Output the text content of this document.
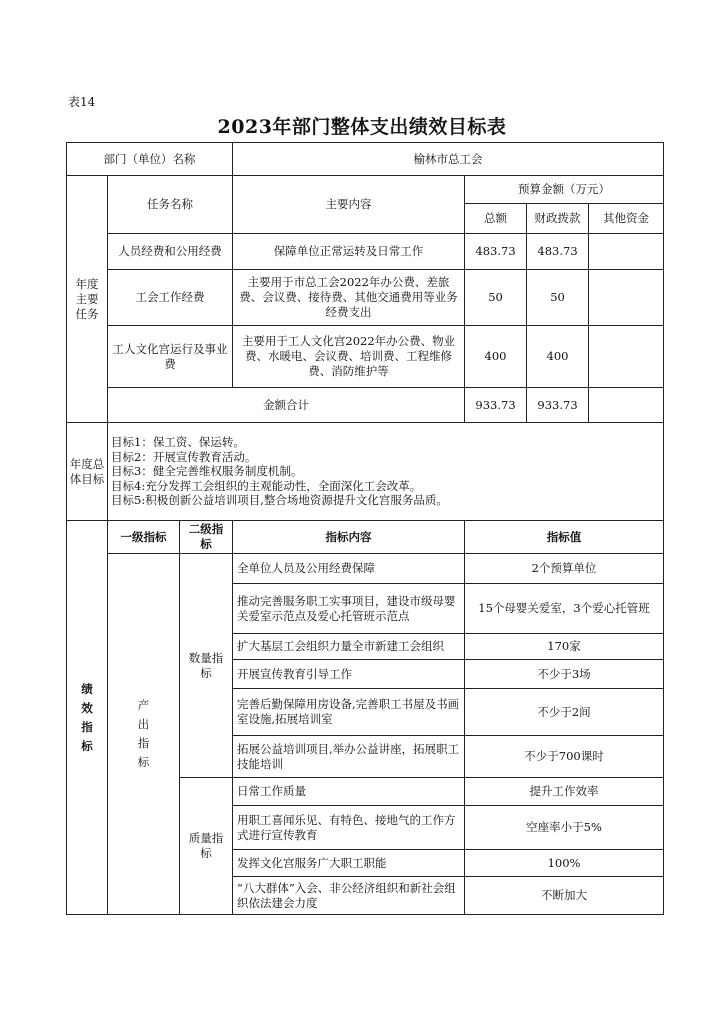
表14
2023年部门整体支出绩效目标表
部门（单位）名称			榆林市总工会			
年度主要任务	任务名称		主要内容	预算金额（万元）		
				总额	财政拨款	其他资金
	人员经费和公用经费		保障单位正常运转及日常工作	483.73	483.73	
	工会工作经费		主要用于市总工会2022年办公费、差旅费、会议费、接待费、其他交通费用等业务经费支出	50	50	
	工人文化宫运行及事业费		主要用于工人文化宫2022年办公费、物业费、水暖电、会议费、培训费、工程维修费、消防维护等	400	400	
	金额合计			933.73	933.73	
年度总体目标	目标1：保工资、保运转。
目标2：开展宣传教育活动。
目标3：健全完善维权服务制度机制。
目标4:充分发挥工会组织的主观能动性，全面深化工会改革。
目标5:积极创新公益培训项目,整合场地资源提升文化宫服务品质。					

绩效指标	一级指标	二级指标	指标内容	指标值		
	产出指标	数量指标	全单位人员及公用经费保障	2个预算单位		
			推动完善服务职工实事项目，建设市级母婴关爱室示范点及爱心托管班示范点	15个母婴关爱室，3个爱心托管班		
			扩大基层工会组织力量全市新建工会组织	170家		
			开展宣传教育引导工作	不少于3场		
			完善后勤保障用房设备,完善职工书屋及书画室设施,拓展培训室	不少于2间		
			拓展公益培训项目,举办公益讲座，拓展职工技能培训	不少于700课时		
		质量指标	日常工作质量	提升工作效率		
			用职工喜闻乐见、有特色、接地气的工作方式进行宣传教育	空座率小于5%		
			发挥文化宫服务广大职工职能	100%		
			“八大群体”入会、非公经济组织和新社会组织依法建会力度	不断加大		
